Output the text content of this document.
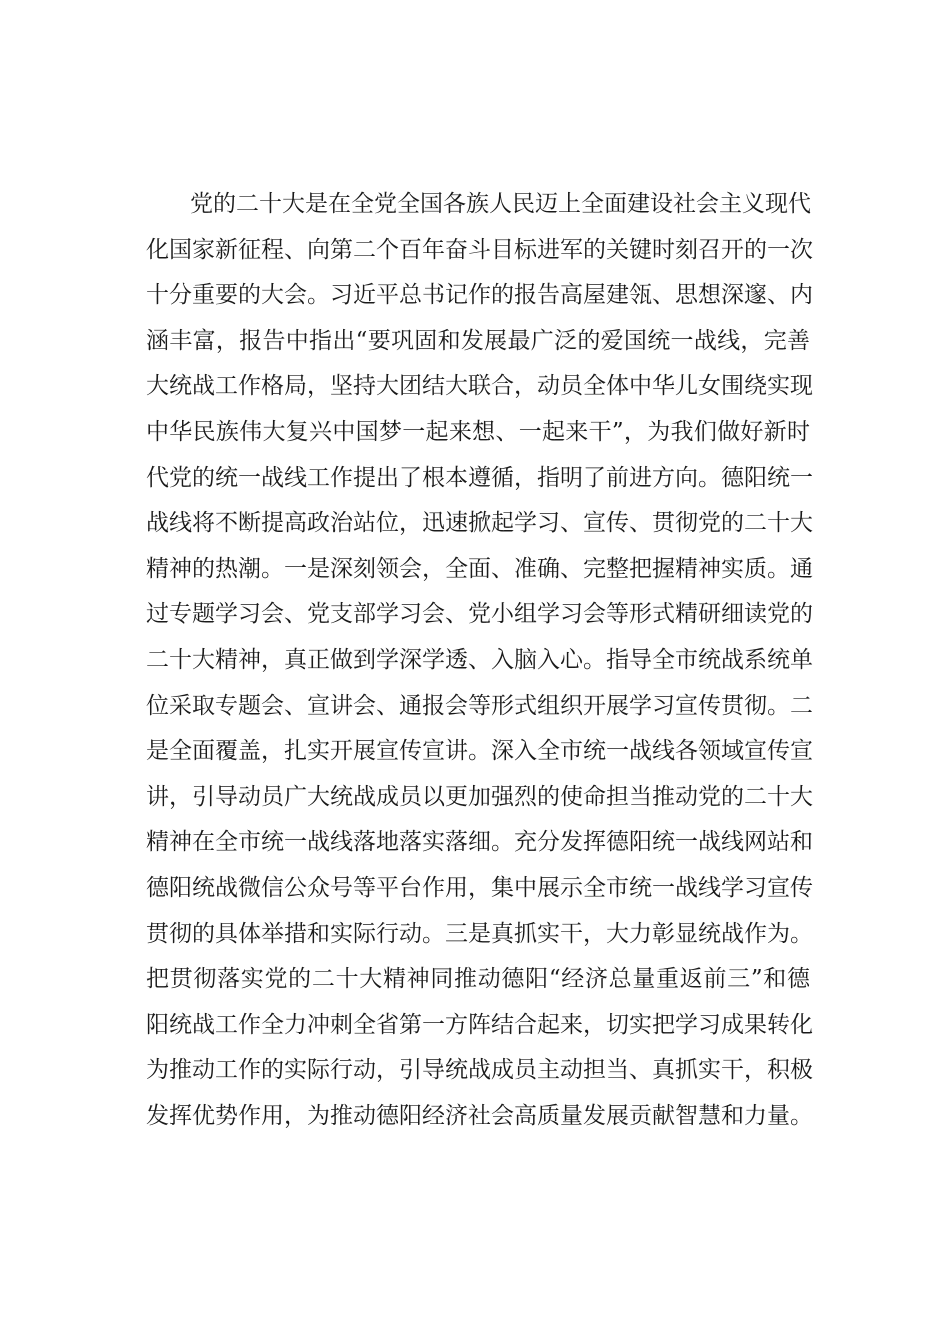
党的二十大是在全党全国各族人民迈上全面建设社会主义现代
化国家新征程、向第二个百年奋斗目标进军的关键时刻召开的一次
十分重要的大会。习近平总书记作的报告高屋建瓴、思想深邃、内
涵丰富，报告中指出“要巩固和发展最广泛的爱国统一战线，完善
大统战工作格局，坚持大团结大联合，动员全体中华儿女围绕实现
中华民族伟大复兴中国梦一起来想、一起来干”，为我们做好新时
代党的统一战线工作提出了根本遵循，指明了前进方向。德阳统一
战线将不断提高政治站位，迅速掀起学习、宣传、贯彻党的二十大
精神的热潮。一是深刻领会，全面、准确、完整把握精神实质。通
过专题学习会、党支部学习会、党小组学习会等形式精研细读党的
二十大精神，真正做到学深学透、入脑入心。指导全市统战系统单
位采取专题会、宣讲会、通报会等形式组织开展学习宣传贯彻。二
是全面覆盖，扎实开展宣传宣讲。深入全市统一战线各领域宣传宣
讲，引导动员广大统战成员以更加强烈的使命担当推动党的二十大
精神在全市统一战线落地落实落细。充分发挥德阳统一战线网站和
德阳统战微信公众号等平台作用，集中展示全市统一战线学习宣传
贯彻的具体举措和实际行动。三是真抓实干，大力彰显统战作为。
把贯彻落实党的二十大精神同推动德阳“经济总量重返前三”和德
阳统战工作全力冲刺全省第一方阵结合起来，切实把学习成果转化
为推动工作的实际行动，引导统战成员主动担当、真抓实干，积极
发挥优势作用，为推动德阳经济社会高质量发展贡献智慧和力量。
